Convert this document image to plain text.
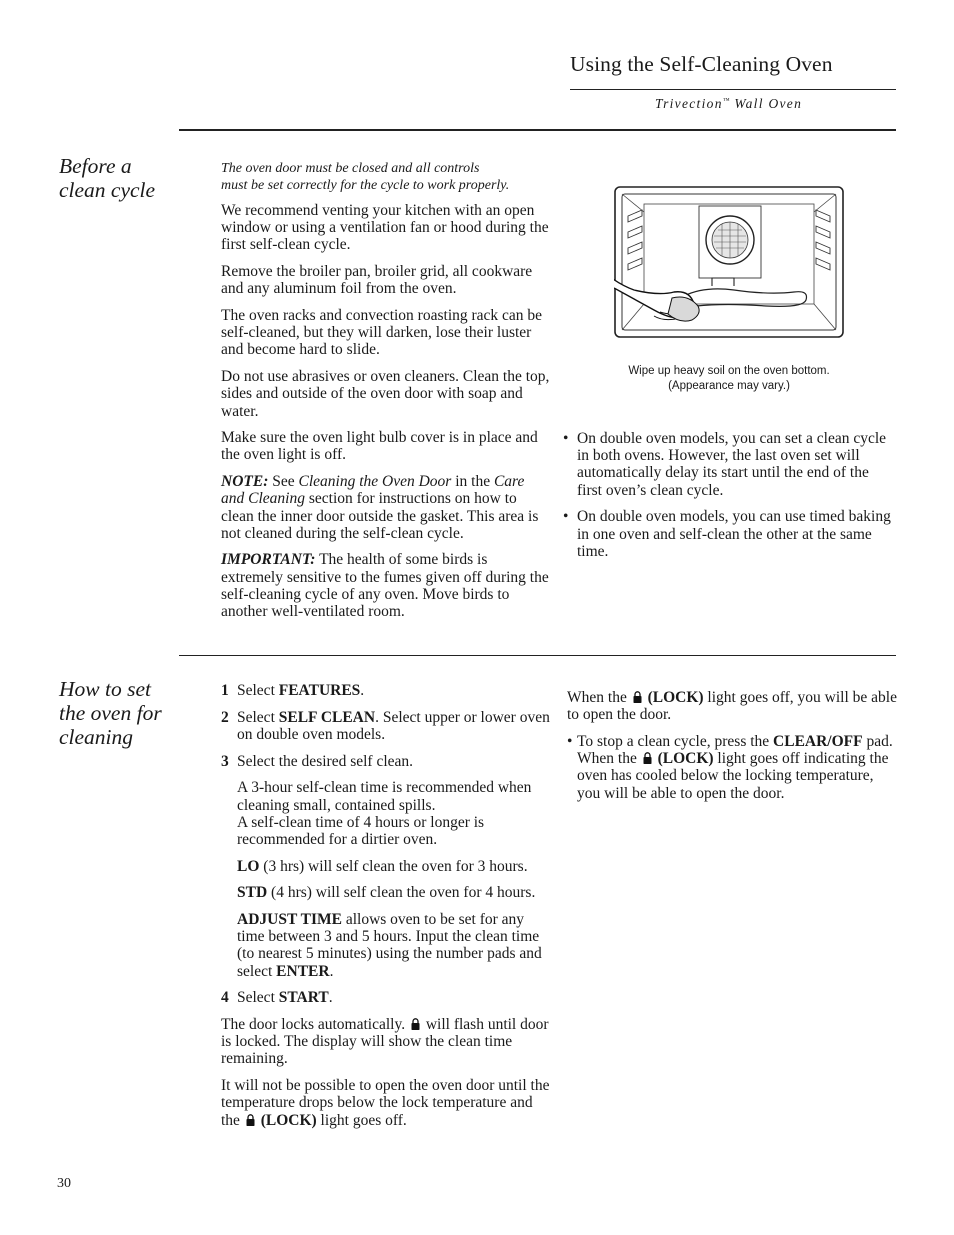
Using the Self-Cleaning Oven
Trivection™ Wall Oven
Before a
clean cycle

The oven door must be closed and all controls
must be set correctly for the cycle to work properly.

We recommend venting your kitchen with an open window or using a ventilation fan or hood during the first self-clean cycle.

Remove the broiler pan, broiler grid, all cookware and any aluminum foil from the oven.

The oven racks and convection roasting rack can be self-cleaned, but they will darken, lose their luster and become hard to slide.

Do not use abrasives or oven cleaners. Clean the top, sides and outside of the oven door with soap and water.

Make sure the oven light bulb cover is in place and the oven light is off.

NOTE: See Cleaning the Oven Door in the Care and Cleaning section for instructions on how to clean the inner door outside the gasket. This area is not cleaned during the self-clean cycle.

IMPORTANT: The health of some birds is extremely sensitive to the fumes given off during the self-cleaning cycle of any oven. Move birds to another well-ventilated room.

Wipe up heavy soil on the oven bottom.
(Appearance may vary.)
• On double oven models, you can set a clean cycle in both ovens. However, the last oven set will automatically delay its start until the end of the first oven’s clean cycle.
• On double oven models, you can use timed baking in one oven and self-clean the other at the same time.
How to set
the oven for
cleaning
1 Select FEATURES.
2 Select SELF CLEAN. Select upper or lower oven on double oven models.
3 Select the desired self clean.
A 3-hour self-clean time is recommended when cleaning small, contained spills.
A self-clean time of 4 hours or longer is recommended for a dirtier oven.
LO (3 hrs) will self clean the oven for 3 hours.
STD (4 hrs) will self clean the oven for 4 hours.
ADJUST TIME allows oven to be set for any time between 3 and 5 hours. Input the clean time (to nearest 5 minutes) using the number pads and select ENTER.
4 Select START.

The door locks automatically. will flash until door is locked. The display will show the clean time remaining.

It will not be possible to open the oven door until the temperature drops below the lock temperature and the (LOCK) light goes off.

When the (LOCK) light goes off, you will be able to open the door.

• To stop a clean cycle, press the CLEAR/OFF pad. When the (LOCK) light goes off indicating the oven has cooled below the locking temperature, you will be able to open the door.
30
